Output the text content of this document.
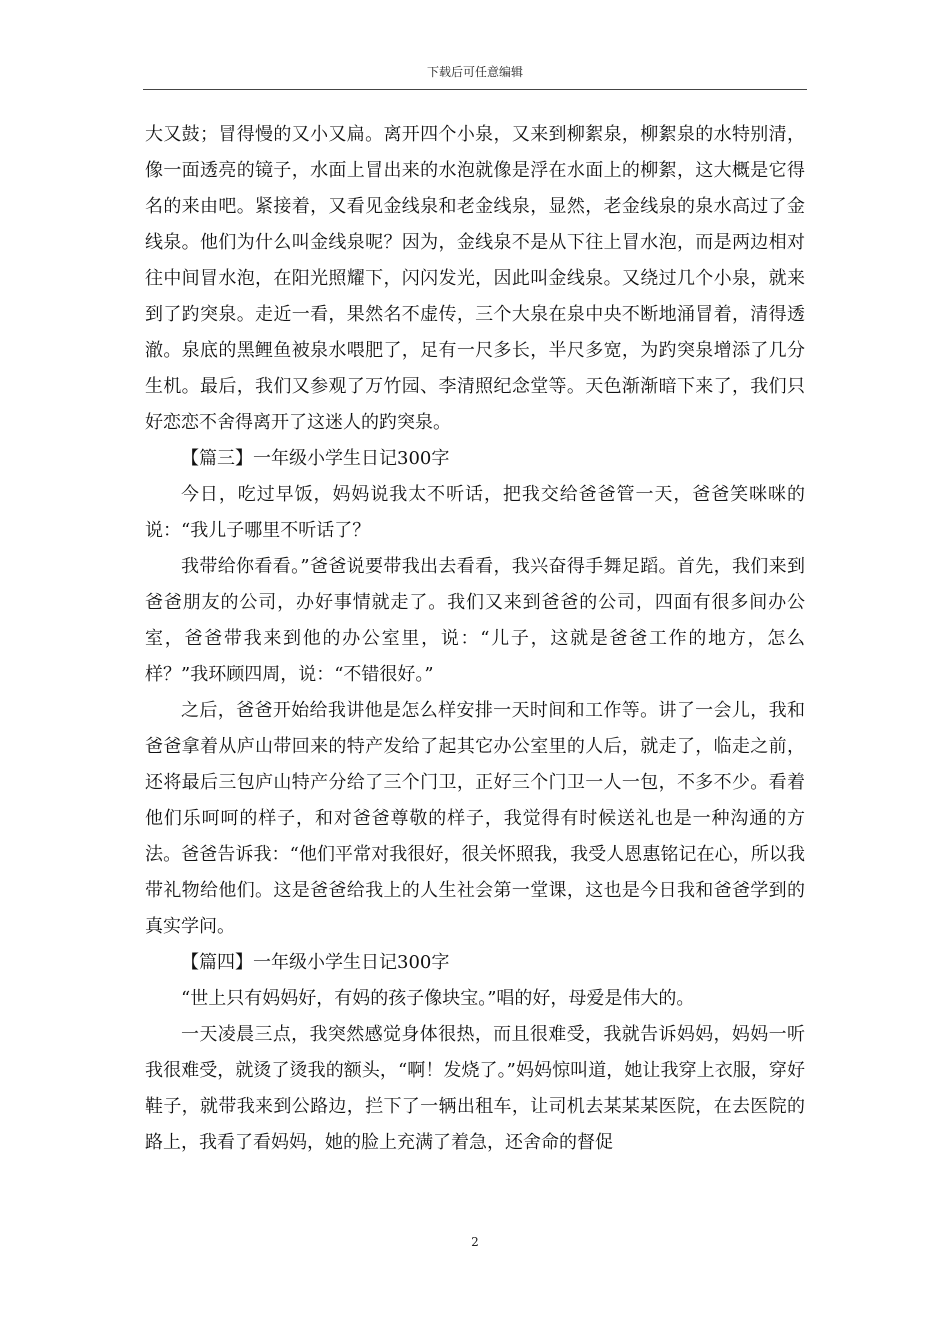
下载后可任意编辑

大又鼓；冒得慢的又小又扁。离开四个小泉，又来到柳絮泉，柳絮泉的水特别清，像一面透亮的镜子，水面上冒出来的水泡就像是浮在水面上的柳絮，这大概是它得名的来由吧。紧接着，又看见金线泉和老金线泉，显然，老金线泉的泉水高过了金线泉。他们为什么叫金线泉呢？因为，金线泉不是从下往上冒水泡，而是两边相对往中间冒水泡，在阳光照耀下，闪闪发光，因此叫金线泉。又绕过几个小泉，就来到了趵突泉。走近一看，果然名不虚传，三个大泉在泉中央不断地涌冒着，清得透澈。泉底的黑鲤鱼被泉水喂肥了，足有一尺多长，半尺多宽，为趵突泉增添了几分生机。最后，我们又参观了万竹园、李清照纪念堂等。天色渐渐暗下来了，我们只好恋恋不舍得离开了这迷人的趵突泉。

【篇三】一年级小学生日记300字

今日，吃过早饭，妈妈说我太不听话，把我交给爸爸管一天，爸爸笑咪咪的说：“我儿子哪里不听话了？

我带给你看看。”爸爸说要带我出去看看，我兴奋得手舞足蹈。首先，我们来到爸爸朋友的公司，办好事情就走了。我们又来到爸爸的公司，四面有很多间办公室，爸爸带我来到他的办公室里，说：“儿子，这就是爸爸工作的地方，怎么样？”我环顾四周，说：“不错很好。”

之后，爸爸开始给我讲他是怎么样安排一天时间和工作等。讲了一会儿，我和爸爸拿着从庐山带回来的特产发给了起其它办公室里的人后，就走了，临走之前，还将最后三包庐山特产分给了三个门卫，正好三个门卫一人一包，不多不少。看着他们乐呵呵的样子，和对爸爸尊敬的样子，我觉得有时候送礼也是一种沟通的方法。爸爸告诉我：“他们平常对我很好，很关怀照我，我受人恩惠铭记在心，所以我带礼物给他们。这是爸爸给我上的人生社会第一堂课，这也是今日我和爸爸学到的真实学问。

【篇四】一年级小学生日记300字

“世上只有妈妈好，有妈的孩子像块宝。”唱的好，母爱是伟大的。

一天凌晨三点，我突然感觉身体很热，而且很难受，我就告诉妈妈，妈妈一听我很难受，就烫了烫我的额头，“啊！发烧了。”妈妈惊叫道，她让我穿上衣服，穿好鞋子，就带我来到公路边，拦下了一辆出租车，让司机去某某某医院，在去医院的路上，我看了看妈妈，她的脸上充满了着急，还舍命的督促

2
